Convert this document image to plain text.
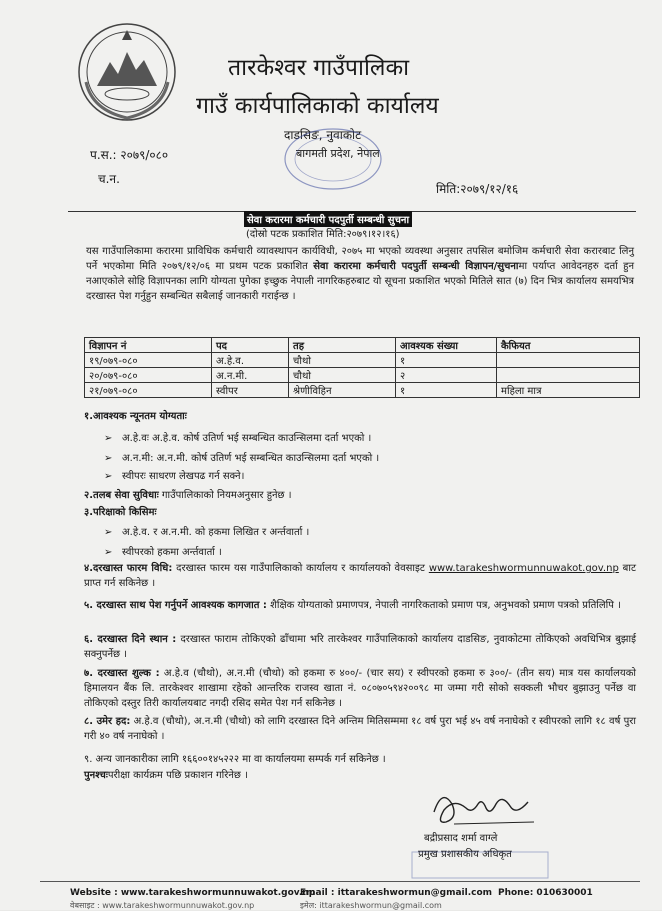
तारकेश्वर गाउँपालिका
गाउँ कार्यपालिकाको कार्यालय
दाडसिङ, नुवाकोट
बागमती प्रदेश, नेपाल
प.स.: २०७९/०८०
च.न.
मिति:२०७९/१२/१६
सेवा करारमा कर्मचारी पदपुर्ती सम्बन्धी सुचना
(दोस्रो पटक प्रकाशित मिति:२०७९।१२।१६)
यस गाउँपालिकामा करारमा प्राविधिक कर्मचारी व्यावस्थापन कार्यविधी, २०७५ मा भएको व्यवस्था अनुसार तपसिल बमोजिम कर्मचारी सेवा करारबाट लिनु पर्ने भएकोमा मिति २०७९/१२/०६ मा प्रथम पटक प्रकाशित सेवा करारमा कर्मचारी पदपुर्ती सम्बन्धी विज्ञापन/सुचनामा पर्याप्त आवेदनहरु दर्ता हुन नआएकोले सोहि विज्ञापनका लागि योग्यता पुगेका इच्छुक नेपाली नागरिकहरुबाट यो सूचना प्रकाशित भएको मितिले सात (७) दिन भित्र कार्यालय समयभित्र दरखास्त पेश गर्नुहुन सम्बन्धित सबैलाई जानकारी गराईन्छ ।
विज्ञापन नं	पद	तह	आवश्यक संख्या	कैफियत
१९/०७९-०८०	अ.हे.व.	चौथो	१	
२०/०७९-०८०	अ.न.मी.	चौथो	२	
२१/०७९-०८०	स्वीपर	श्रेणीविहिन	१	महिला मात्र
१.आवश्यक न्यूनतम योग्यताः
➢ अ.हे.वः अ.हे.व. कोर्ष उतिर्ण भई सम्बन्धित काउन्सिलमा दर्ता भएको ।
➢ अ.न.मी: अ.न.मी. कोर्ष उतिर्ण भई सम्बन्धित काउन्सिलमा दर्ता भएको ।
➢ स्वीपरः साधरण लेखपढ गर्न सक्ने।
२.तलब सेवा सुविधाः गाउँपालिकाको नियमअनुसार हुनेछ ।
३.परिक्षाको किसिमः
➢ अ.हे.व. र अ.न.मी. को हकमा लिखित र अर्न्तवार्ता ।
➢ स्वीपरको हकमा अर्न्तवार्ता ।
४.दरखास्त फारम विधि: दरखास्त फारम यस गाउँपालिकाको कार्यालय र कार्यालयको वेवसाइट www.tarakeshwormunnuwakot.gov.np बाट प्राप्त गर्न सकिनेछ ।
५. दरखास्त साथ पेश गर्नुपर्ने आवश्यक कागजात : शैक्षिक योग्यताको प्रमाणपत्र, नेपाली नागरिकताको प्रमाण पत्र, अनुभवको प्रमाण पत्रको प्रतिलिपि ।
६. दरखास्त दिने स्थान : दरखास्त फाराम तोकिएको ढाँचामा भरि तारकेश्वर गाउँपालिकाको कार्यालय दाडसिङ, नुवाकोटमा तोकिएको अवधिभित्र बुझाई सक्नुपर्नेछ ।
७. दरखास्त शुल्क : अ.हे.व (चौथो), अ.न.मी (चौथो) को हकमा रु ४००/- (चार सय) र स्वीपरको हकमा रु ३००/- (तीन सय) मात्र यस कार्यालयको हिमालयन बैंक लि. तारकेश्वर शाखामा रहेको आन्तरिक राजस्व खाता नं. ०८०७०५९४२००९८ मा जम्मा गरी सोको सक्कली भौचर बुझाउनु पर्नेछ वा तोकिएको दस्तुर तिरी कार्यालयबाट नगदी रसिद समेत पेश गर्न सकिनेछ ।
८. उमेर हद: अ.हे.व (चौथो), अ.न.मी (चौथो) को लागि दरखास्त दिने अन्तिम मितिसम्ममा १८ वर्ष पुरा भई ४५ वर्ष ननाघेको र स्वीपरको लागि १८ वर्ष पुरा गरी ४० वर्ष ननाघेको ।
९. अन्य जानकारीका लागि १६६००१४५२२२ मा वा कार्यालयमा सम्पर्क गर्न सकिनेछ ।
पुनश्चःपरीक्षा कार्यक्रम पछि प्रकाशन गरिनेछ ।
बद्रीप्रसाद शर्मा वाग्ले
प्रमुख प्रशासकीय अधिकृत
Website : www.tarakeshwormunnuwakot.gov.np
Email : ittarakeshwormun@gmail.com Phone: 010630001
वेबसाइट : www.tarakeshwormunnuwakot.gov.np	इमेल: ittarakeshwormun@gmail.com
